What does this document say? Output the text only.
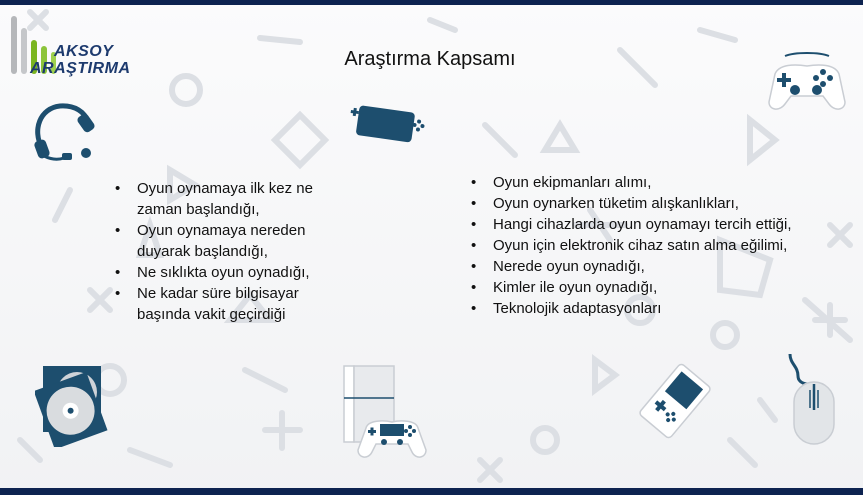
AKSOY
ARAŞTIRMA	Araştırma Kapsamı
• Oyun oynamaya ilk kez ne zaman başlandığı,
• Oyun oynamaya nereden duyarak başlandığı,
• Ne sıklıkta oyun oynadığı,
• Ne kadar süre bilgisayar başında vakit geçirdiği
• Oyun ekipmanları alımı,
• Oyun oynarken tüketim alışkanlıkları,
• Hangi cihazlarda oyun oynamayı tercih ettiği,
• Oyun için elektronik cihaz satın alma eğilimi,
• Nerede oyun oynadığı,
• Kimler ile oyun oynadığı,
• Teknolojik adaptasyonları
